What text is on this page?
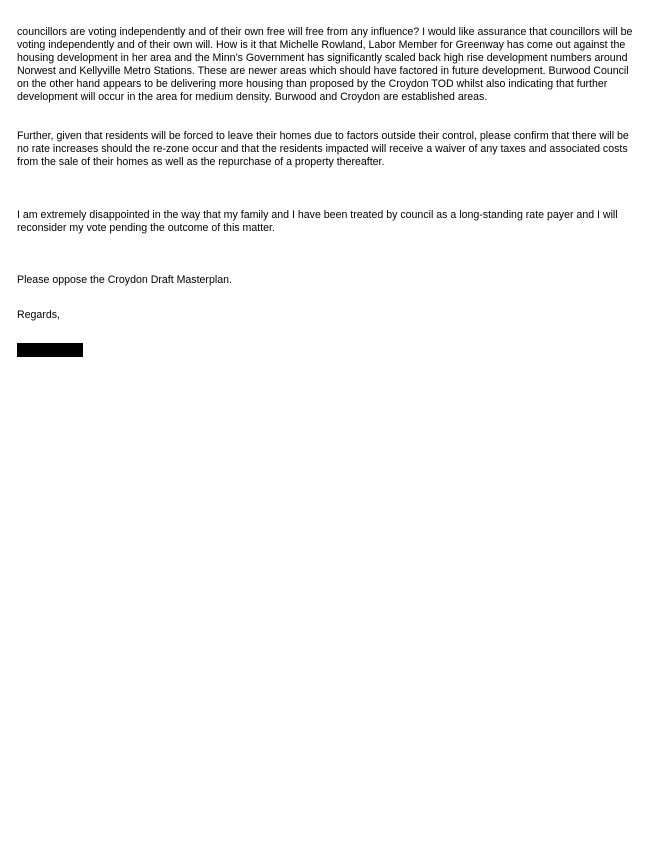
councillors are voting independently and of their own free will free from any influence? I would like assurance that councillors will be voting independently and of their own will. How is it that Michelle Rowland, Labor Member for Greenway has come out against the housing development in her area and the Minn’s Government has significantly scaled back high rise development numbers around Norwest and Kellyville Metro Stations. These are newer areas which should have factored in future development. Burwood Council on the other hand appears to be delivering more housing than proposed by the Croydon TOD whilst also indicating that further development will occur in the area for medium density. Burwood and Croydon are established areas.

Further, given that residents will be forced to leave their homes due to factors outside their control, please confirm that there will be no rate increases should the re-zone occur and that the residents impacted will receive a waiver of any taxes and associated costs from the sale of their homes as well as the repurchase of a property thereafter.

I am extremely disappointed in the way that my family and I have been treated by council as a long-standing rate payer and I will reconsider my vote pending the outcome of this matter.

Please oppose the Croydon Draft Masterplan.

Regards,
